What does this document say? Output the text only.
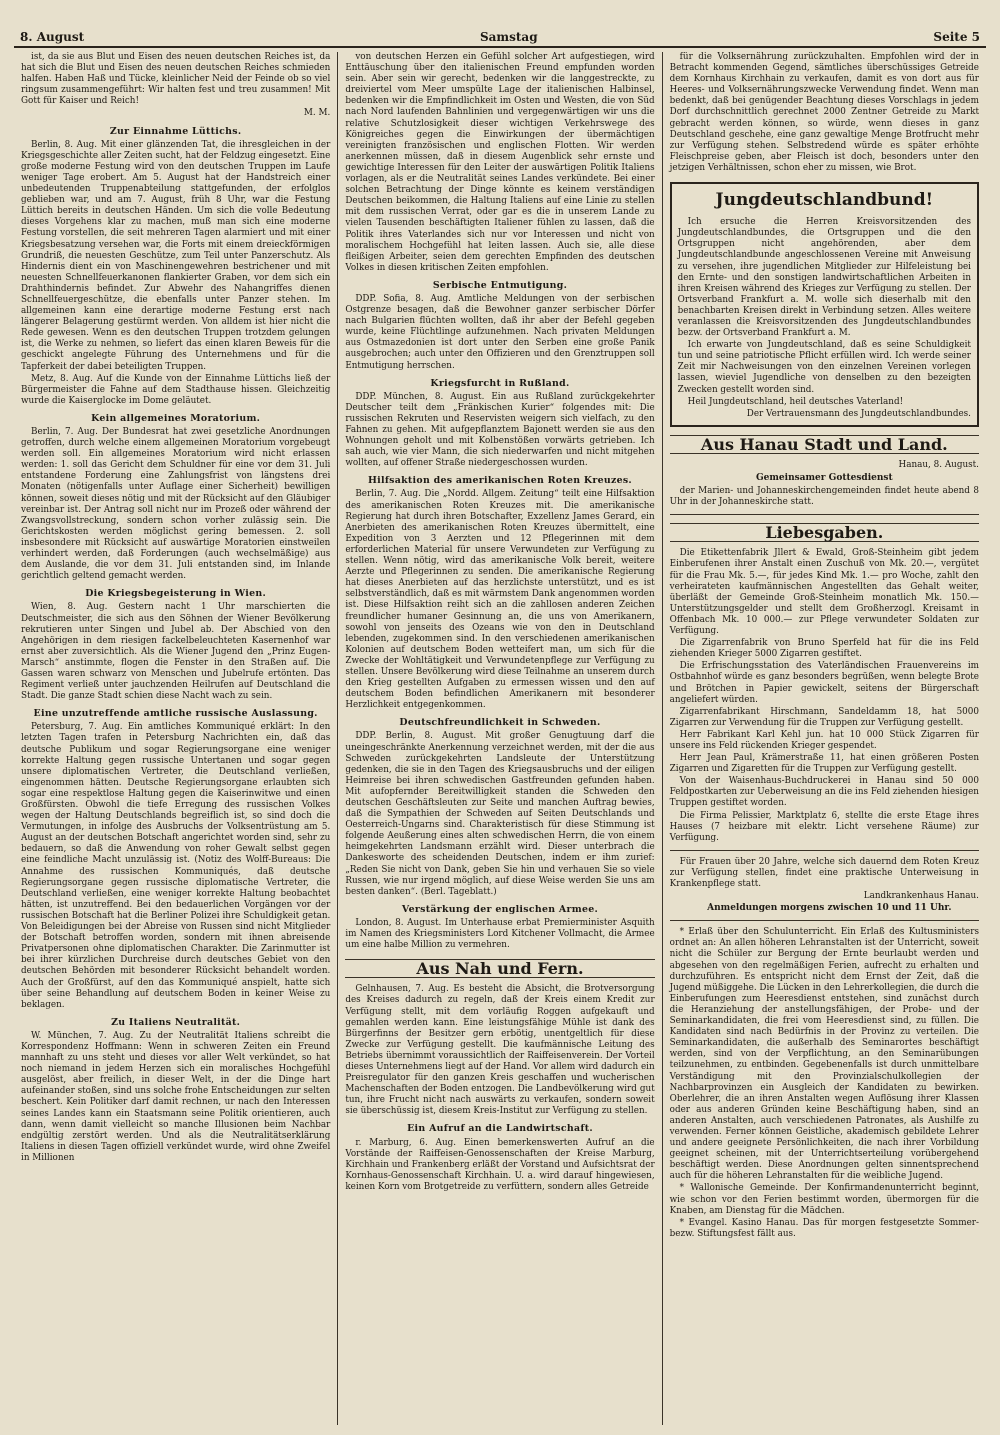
8. August	Samstag	Seite 5

ist, da sie aus Blut und Eisen des neuen deutschen Reiches ist, da hat sich die Blut und Eisen des neuen deutschen Reiches schmieden halfen. Haben Haß und Tücke, kleinlicher Neid der Feinde ob so viel ringsum zusammengeführt: Wir halten fest und treu zusammen! Mit Gott für Kaiser und Reich!

M. M.

Zur Einnahme Lüttichs.

Berlin, 8. Aug. Mit einer glänzenden Tat, die ihresgleichen in der Kriegsgeschichte aller Zeiten sucht, hat der Feldzug eingesetzt. Eine große moderne Festung wird von den deutschen Truppen im Laufe weniger Tage erobert. Am 5. August hat der Handstreich einer unbedeutenden Truppenabteilung stattgefunden, der erfolglos geblieben war, und am 7. August, früh 8 Uhr, war die Festung Lüttich bereits in deutschen Händen. Um sich die volle Bedeutung dieses Vorgehens klar zu machen, muß man sich eine moderne Festung vorstellen, die seit mehreren Tagen alarmiert und mit einer Kriegsbesatzung versehen war, die Forts mit einem dreieckförmigen Grundriß, die neuesten Geschütze, zum Teil unter Panzerschutz. Als Hindernis dient ein von Maschinengewehren bestrichener und mit neuesten Schnellfeuerkanonen flankierter Graben, vor dem sich ein Drahthindernis befindet. Zur Abwehr des Nahangriffes dienen Schnellfeuergeschütze, die ebenfalls unter Panzer stehen. Im allgemeinen kann eine derartige moderne Festung erst nach längerer Belagerung gestürmt werden. Von alldem ist hier nicht die Rede gewesen. Wenn es den deutschen Truppen trotzdem gelungen ist, die Werke zu nehmen, so liefert das einen klaren Beweis für die geschickt angelegte Führung des Unternehmens und für die Tapferkeit der dabei beteiligten Truppen.

Metz, 8. Aug. Auf die Kunde von der Einnahme Lüttichs ließ der Bürgermeister die Fahne auf dem Stadthause hissen. Gleichzeitig wurde die Kaiserglocke im Dome geläutet.

Kein allgemeines Moratorium.

Berlin, 7. Aug. Der Bundesrat hat zwei gesetzliche Anordnungen getroffen, durch welche einem allgemeinen Moratorium vorgebeugt werden soll. Ein allgemeines Moratorium wird nicht erlassen werden: 1. soll das Gericht dem Schuldner für eine vor dem 31. Juli entstandene Forderung eine Zahlungsfrist von längstens drei Monaten (nötigenfalls unter Auflage einer Sicherheit) bewilligen können, soweit dieses nötig und mit der Rücksicht auf den Gläubiger vereinbar ist. Der Antrag soll nicht nur im Prozeß oder während der Zwangsvollstreckung, sondern schon vorher zulässig sein. Die Gerichtskosten werden möglichst gering bemessen. 2. soll insbesondere mit Rücksicht auf auswärtige Moratorien einstweilen verhindert werden, daß Forderungen (auch wechselmäßige) aus dem Auslande, die vor dem 31. Juli entstanden sind, im Inlande gerichtlich geltend gemacht werden.

Die Kriegsbegeisterung in Wien.

Wien, 8. Aug. Gestern nacht 1 Uhr marschierten die Deutschmeister, die sich aus den Söhnen der Wiener Bevölkerung rekrutieren unter Singen und Jubel ab. Der Abschied von den Angehörigen in dem riesigen fackelbeleuchteten Kasernenhof war ernst aber zuversichtlich. Als die Wiener Jugend den „Prinz Eugen-Marsch“ anstimmte, flogen die Fenster in den Straßen auf. Die Gassen waren schwarz von Menschen und Jubelrufe ertönten. Das Regiment verließ unter jauchzenden Heilrufen auf Deutschland die Stadt. Die ganze Stadt schien diese Nacht wach zu sein.

Eine unzutreffende amtliche russische Auslassung.

Petersburg, 7. Aug. Ein amtliches Kommuniqué erklärt: In den letzten Tagen trafen in Petersburg Nachrichten ein, daß das deutsche Publikum und sogar Regierungsorgane eine weniger korrekte Haltung gegen russische Untertanen und sogar gegen unsere diplomatischen Vertreter, die Deutschland verließen, eingenommen hätten. Deutsche Regierungsorgane erlaubten sich sogar eine respektlose Haltung gegen die Kaiserinwitwe und einen Großfürsten. Obwohl die tiefe Erregung des russischen Volkes wegen der Haltung Deutschlands begreiflich ist, so sind doch die Vermutungen, in infolge des Ausbruchs der Volksentrüstung am 5. August an der deutschen Botschaft angerichtet worden sind, sehr zu bedauern, so daß die Anwendung von roher Gewalt selbst gegen eine feindliche Macht unzulässig ist. (Notiz des Wolff-Bureaus: Die Annahme des russischen Kommuniqués, daß deutsche Regierungsorgane gegen russische diplomatische Vertreter, die Deutschland verließen, eine weniger korrekte Haltung beobachtet hätten, ist unzutreffend. Bei den bedauerlichen Vorgängen vor der russischen Botschaft hat die Berliner Polizei ihre Schuldigkeit getan. Von Beleidigungen bei der Abreise von Russen sind nicht Mitglieder der Botschaft betroffen worden, sondern mit ihnen abreisende Privatpersonen ohne diplomatischen Charakter. Die Zarinmutter ist bei ihrer kürzlichen Durchreise durch deutsches Gebiet von den deutschen Behörden mit besonderer Rücksicht behandelt worden. Auch der Großfürst, auf den das Kommuniqué anspielt, hatte sich über seine Behandlung auf deutschem Boden in keiner Weise zu beklagen.

Zu Italiens Neutralität.

W. München, 7. Aug. Zu der Neutralität Italiens schreibt die Korrespondenz Hoffmann: Wenn in schweren Zeiten ein Freund mannhaft zu uns steht und dieses vor aller Welt verkündet, so hat noch niemand in jedem Herzen sich ein moralisches Hochgefühl ausgelöst, aber freilich, in dieser Welt, in der die Dinge hart aufeinander stoßen, sind uns solche frohe Entscheidungen zur selten beschert. Kein Politiker darf damit rechnen, ur nach den Interessen seines Landes kann ein Staatsmann seine Politik orientieren, auch dann, wenn damit vielleicht so manche Illusionen beim Nachbar endgültig zerstört werden. Und als die Neutralitätserklärung Italiens in diesen Tagen offiziell verkündet wurde, wird ohne Zweifel in Millionen

von deutschen Herzen ein Gefühl solcher Art aufgestiegen, wird Enttäuschung über den italienischen Freund empfunden worden sein. Aber sein wir gerecht, bedenken wir die langgestreckte, zu dreiviertel vom Meer umspülte Lage der italienischen Halbinsel, bedenken wir die Empfindlichkeit im Osten und Westen, die von Süd nach Nord laufenden Bahnlinien und vergegenwärtigen wir uns die relative Schutzlosigkeit dieser wichtigen Verkehrswege des Königreiches gegen die Einwirkungen der übermächtigen vereinigten französischen und englischen Flotten. Wir werden anerkennen müssen, daß in diesem Augenblick sehr ernste und gewichtige Interessen für den Leiter der auswärtigen Politik Italiens vorlagen, als er die Neutralität seines Landes verkündete. Bei einer solchen Betrachtung der Dinge könnte es keinem verständigen Deutschen beikommen, die Haltung Italiens auf eine Linie zu stellen mit dem russischen Verrat, oder gar es die in unserem Lande zu vielen Tausenden beschäftigten Italiener fühlen zu lassen, daß die Politik ihres Vaterlandes sich nur vor Interessen und nicht von moralischem Hochgefühl hat leiten lassen. Auch sie, alle diese fleißigen Arbeiter, seien dem gerechten Empfinden des deutschen Volkes in diesen kritischen Zeiten empfohlen.

Serbische Entmutigung.

DDP. Sofia, 8. Aug. Amtliche Meldungen von der serbischen Ostgrenze besagen, daß die Bewohner ganzer serbischer Dörfer nach Bulgarien flüchten wollten, daß ihr aber der Befehl gegeben wurde, keine Flüchtlinge aufzunehmen. Nach privaten Meldungen aus Ostmazedonien ist dort unter den Serben eine große Panik ausgebrochen; auch unter den Offizieren und den Grenztruppen soll Entmutigung herrschen.

Kriegsfurcht in Rußland.

DDP. München, 8. August. Ein aus Rußland zurückgekehrter Deutscher teilt dem „Fränkischen Kurier“ folgendes mit: Die russischen Rekruten und Reservisten weigern sich vielfach, zu den Fahnen zu gehen. Mit aufgepflanztem Bajonett werden sie aus den Wohnungen geholt und mit Kolbenstößen vorwärts getrieben. Ich sah auch, wie vier Mann, die sich niederwarfen und nicht mitgehen wollten, auf offener Straße niedergeschossen wurden.

Hilfsaktion des amerikanischen Roten Kreuzes.

Berlin, 7. Aug. Die „Nordd. Allgem. Zeitung“ teilt eine Hilfsaktion des amerikanischen Roten Kreuzes mit. Die amerikanische Regierung hat durch ihren Botschafter, Exzellenz James Gerard, ein Anerbieten des amerikanischen Roten Kreuzes übermittelt, eine Expedition von 3 Aerzten und 12 Pflegerinnen mit dem erforderlichen Material für unsere Verwundeten zur Verfügung zu stellen. Wenn nötig, wird das amerikanische Volk bereit, weitere Aerzte und Pflegerinnen zu senden. Die amerikanische Regierung hat dieses Anerbieten auf das herzlichste unterstützt, und es ist selbstverständlich, daß es mit wärmstem Dank angenommen worden ist. Diese Hilfsaktion reiht sich an die zahllosen anderen Zeichen freundlicher humaner Gesinnung an, die uns von Amerikanern, sowohl von jenseits des Ozeans wie von den in Deutschland lebenden, zugekommen sind. In den verschiedenen amerikanischen Kolonien auf deutschem Boden wetteifert man, um sich für die Zwecke der Wohltätigkeit und Verwundetenpflege zur Verfügung zu stellen. Unsere Bevölkerung wird diese Teilnahme an unserem durch den Krieg gestellten Aufgaben zu ermessen wissen und den auf deutschem Boden befindlichen Amerikanern mit besonderer Herzlichkeit entgegenkommen.

Deutschfreundlichkeit in Schweden.

DDP. Berlin, 8. August. Mit großer Genugtuung darf die uneingeschränkte Anerkennung verzeichnet werden, mit der die aus Schweden zurückgekehrten Landsleute der Unterstützung gedenken, die sie in den Tagen des Kriegsausbruchs und der eiligen Heimreise bei ihren schwedischen Gastfreunden gefunden haben. Mit aufopfernder Bereitwilligkeit standen die Schweden den deutschen Geschäftsleuten zur Seite und manchen Auftrag bewies, daß die Sympathien der Schweden auf Seiten Deutschlands und Oesterreich-Ungarns sind. Charakteristisch für diese Stimmung ist folgende Aeußerung eines alten schwedischen Herrn, die von einem heimgekehrten Landsmann erzählt wird. Dieser unterbrach die Dankesworte des scheidenden Deutschen, indem er ihm zurief: „Reden Sie nicht von Dank, geben Sie hin und verhauen Sie so viele Russen, wie nur irgend möglich, auf diese Weise werden Sie uns am besten danken“. (Berl. Tageblatt.)

Verstärkung der englischen Armee.

London, 8. August. Im Unterhause erbat Premierminister Asquith im Namen des Kriegsministers Lord Kitchener Vollmacht, die Armee um eine halbe Million zu vermehren.

Aus Nah und Fern.

Gelnhausen, 7. Aug. Es besteht die Absicht, die Brotversorgung des Kreises dadurch zu regeln, daß der Kreis einem Kredit zur Verfügung stellt, mit dem vorläufig Roggen aufgekauft und gemahlen werden kann. Eine leistungsfähige Mühle ist dank des Bürgerfinns der Besitzer gern erbötig, unentgeltlich für diese Zwecke zur Verfügung gestellt. Die kaufmännische Leitung des Betriebs übernimmt voraussichtlich der Raiffeisenverein. Der Vorteil dieses Unternehmens liegt auf der Hand. Vor allem wird dadurch ein Preisregulator für den ganzen Kreis geschaffen und wucherischen Machenschaften der Boden entzogen. Die Landbevölkerung wird gut tun, ihre Frucht nicht nach auswärts zu verkaufen, sondern soweit sie überschüssig ist, diesem Kreis-Institut zur Verfügung zu stellen.

Ein Aufruf an die Landwirtschaft.

r. Marburg, 6. Aug. Einen bemerkenswerten Aufruf an die Vorstände der Raiffeisen-Genossenschaften der Kreise Marburg, Kirchhain und Frankenberg erläßt der Vorstand und Aufsichtsrat der Kornhaus-Genossenschaft Kirchhain. U. a. wird darauf hingewiesen, keinen Korn vom Brotgetreide zu verfüttern, sondern alles Getreide

für die Volksernährung zurückzuhalten. Empfohlen wird der in Betracht kommenden Gegend, sämtliches überschüssiges Getreide dem Kornhaus Kirchhain zu verkaufen, damit es von dort aus für Heeres- und Volksernährungszwecke Verwendung findet. Wenn man bedenkt, daß bei genügender Beachtung dieses Vorschlags in jedem Dorf durchschnittlich gerechnet 2000 Zentner Getreide zu Markt gebracht werden können, so würde, wenn dieses in ganz Deutschland geschehe, eine ganz gewaltige Menge Brotfrucht mehr zur Verfügung stehen. Selbstredend würde es später erhöhte Fleischpreise geben, aber Fleisch ist doch, besonders unter den jetzigen Verhältnissen, schon eher zu missen, wie Brot.

Jungdeutschlandbund!

Ich ersuche die Herren Kreisvorsitzenden des Jungdeutschlandbundes, die Ortsgruppen und die den Ortsgruppen nicht angehörenden, aber dem Jungdeutschlandbunde angeschlossenen Vereine mit Anweisung zu versehen, ihre jugendlichen Mitglieder zur Hilfeleistung bei den Ernte- und den sonstigen landwirtschaftlichen Arbeiten in ihren Kreisen während des Krieges zur Verfügung zu stellen. Der Ortsverband Frankfurt a. M. wolle sich dieserhalb mit den benachbarten Kreisen direkt in Verbindung setzen. Alles weitere veranlassen die Kreisvorsitzenden des Jungdeutschlandbundes bezw. der Ortsverband Frankfurt a. M.

Ich erwarte von Jungdeutschland, daß es seine Schuldigkeit tun und seine patriotische Pflicht erfüllen wird. Ich werde seiner Zeit mir Nachweisungen von den einzelnen Vereinen vorlegen lassen, wieviel Jugendliche von denselben zu den bezeigten Zwecken gestellt worden sind.

Heil Jungdeutschland, heil deutsches Vaterland!

Der Vertrauensmann des Jungdeutschlandbundes.

Aus Hanau Stadt und Land.

Hanau, 8. August.

Gemeinsamer Gottesdienst

der Marien- und Johanneskirchengemeinden findet heute abend 8 Uhr in der Johanneskirche statt.

Liebesgaben.

Die Etikettenfabrik Jllert & Ewald, Groß-Steinheim gibt jedem Einberufenen ihrer Anstalt einen Zuschuß von Mk. 20.—, vergütet für die Frau Mk. 5.—, für jedes Kind Mk. 1.— pro Woche, zahlt den verheirateten kaufmännischen Angestellten das Gehalt weiter, überläßt der Gemeinde Groß-Steinheim monatlich Mk. 150.— Unterstützungsgelder und stellt dem Großherzogl. Kreisamt in Offenbach Mk. 10 000.— zur Pflege verwundeter Soldaten zur Verfügung.

Die Zigarrenfabrik von Bruno Sperfeld hat für die ins Feld ziehenden Krieger 5000 Zigarren gestiftet.

Die Erfrischungsstation des Vaterländischen Frauenvereins im Ostbahnhof würde es ganz besonders begrüßen, wenn belegte Brote und Brötchen in Papier gewickelt, seitens der Bürgerschaft angeliefert würden.

Zigarrenfabrikant Hirschmann, Sandeldamm 18, hat 5000 Zigarren zur Verwendung für die Truppen zur Verfügung gestellt.

Herr Fabrikant Karl Kehl jun. hat 10 000 Stück Zigarren für unsere ins Feld rückenden Krieger gespendet.

Herr Jean Paul, Krämerstraße 11, hat einen größeren Posten Zigarren und Zigaretten für die Truppen zur Verfügung gestellt.

Von der Waisenhaus-Buchdruckerei in Hanau sind 50 000 Feldpostkarten zur Ueberweisung an die ins Feld ziehenden hiesigen Truppen gestiftet worden.

Die Firma Pelissier, Marktplatz 6, stellte die erste Etage ihres Hauses (7 heizbare mit elektr. Licht versehene Räume) zur Verfügung.

Für Frauen über 20 Jahre, welche sich dauernd dem Roten Kreuz zur Verfügung stellen, findet eine praktische Unterweisung in Krankenpflege statt.

Landkrankenhaus Hanau.

Anmeldungen morgens zwischen 10 und 11 Uhr.

* Erlaß über den Schulunterricht. Ein Erlaß des Kultusministers ordnet an: An allen höheren Lehranstalten ist der Unterricht, soweit nicht die Schüler zur Bergung der Ernte beurlaubt werden und abgesehen von den regelmäßigen Ferien, aufrecht zu erhalten und durchzuführen. Es entspricht nicht dem Ernst der Zeit, daß die Jugend müßiggehe. Die Lücken in den Lehrerkollegien, die durch die Einberufungen zum Heeresdienst entstehen, sind zunächst durch die Heranziehung der anstellungsfähigen, der Probe- und der Seminarkandidaten, die frei vom Heeresdienst sind, zu füllen. Die Kandidaten sind nach Bedürfnis in der Provinz zu verteilen. Die Seminarkandidaten, die außerhalb des Seminarortes beschäftigt werden, sind von der Verpflichtung, an den Seminarübungen teilzunehmen, zu entbinden. Gegebenenfalls ist durch unmittelbare Verständigung mit den Provinzialschulkollegien der Nachbarprovinzen ein Ausgleich der Kandidaten zu bewirken. Oberlehrer, die an ihren Anstalten wegen Auflösung ihrer Klassen oder aus anderen Gründen keine Beschäftigung haben, sind an anderen Anstalten, auch verschiedenen Patronates, als Aushilfe zu verwenden. Ferner können Geistliche, akademisch gebildete Lehrer und andere geeignete Persönlichkeiten, die nach ihrer Vorbildung geeignet scheinen, mit der Unterrichtserteilung vorübergehend beschäftigt werden. Diese Anordnungen gelten sinnentsprechend auch für die höheren Lehranstalten für die weibliche Jugend.

* Wallonische Gemeinde. Der Konfirmandenunterricht beginnt, wie schon vor den Ferien bestimmt worden, übermorgen für die Knaben, am Dienstag für die Mädchen.

* Evangel. Kasino Hanau. Das für morgen festgesetzte Sommer- bezw. Stiftungsfest fällt aus.
